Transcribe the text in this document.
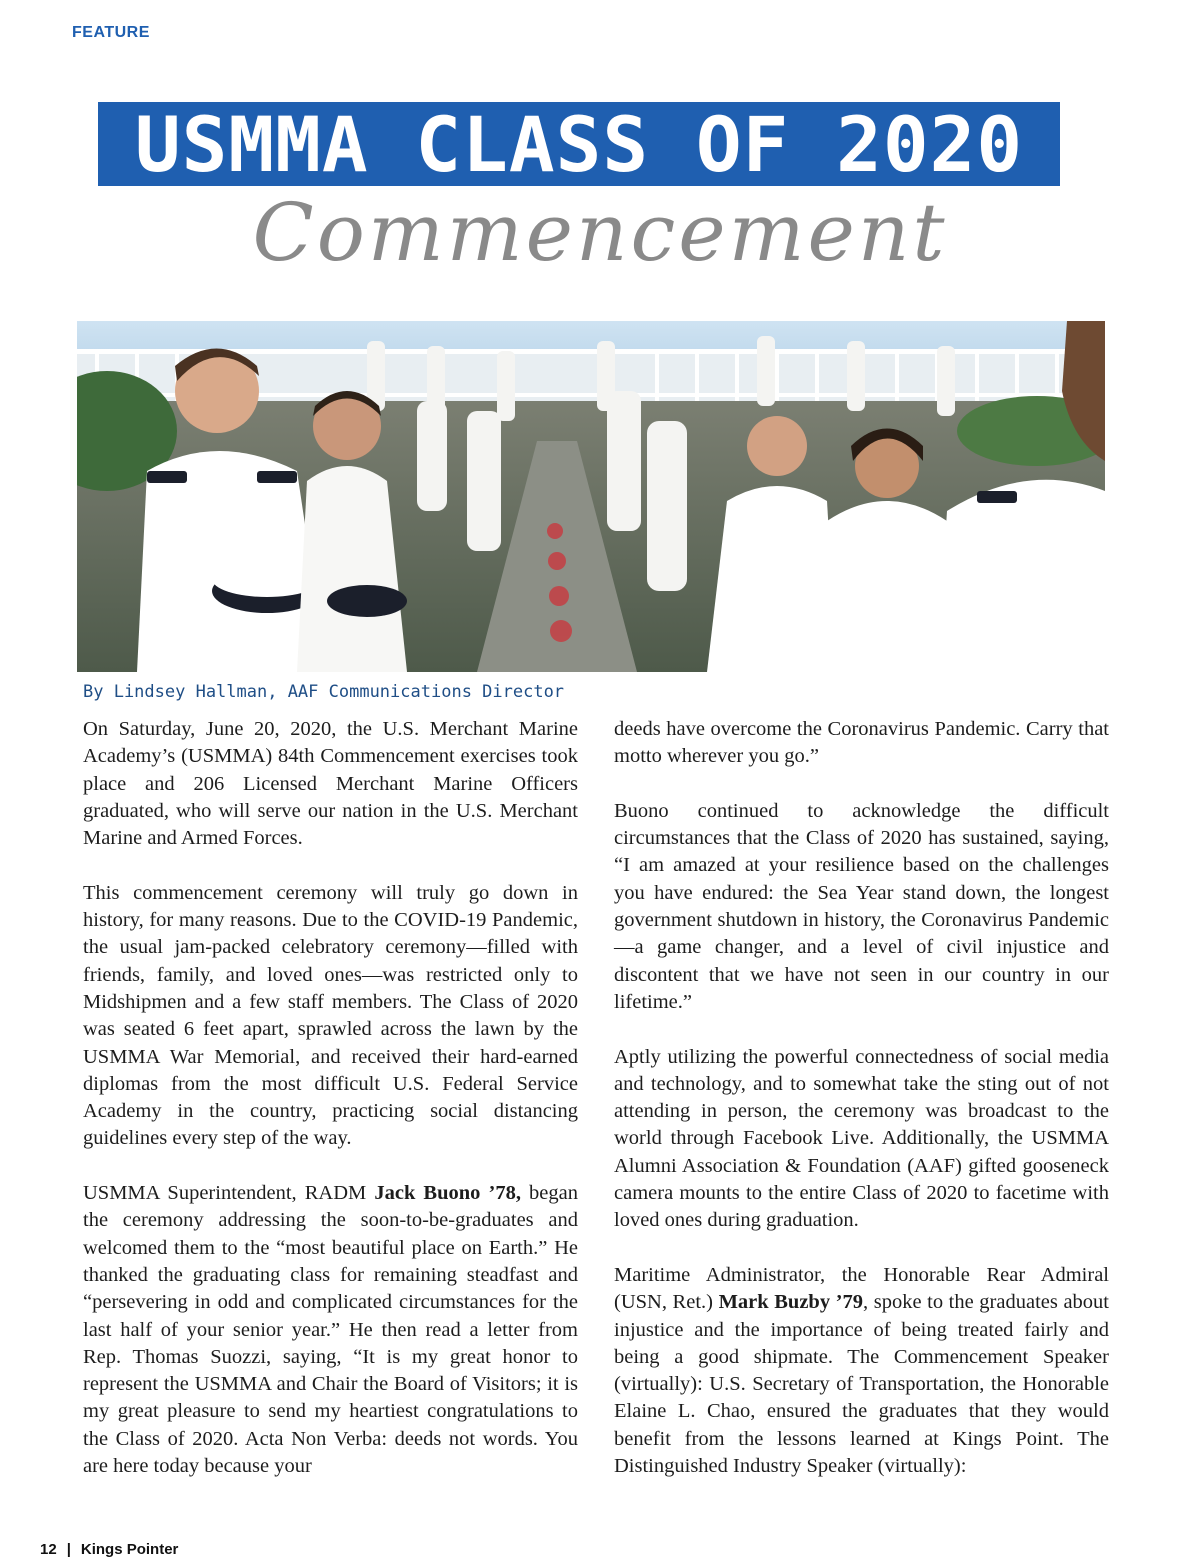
FEATURE
USMMA CLASS OF 2020
Commencement
By Lindsey Hallman, AAF Communications Director

On Saturday, June 20, 2020, the U.S. Merchant Marine Academy’s (USMMA) 84th Commencement exercises took place and 206 Licensed Merchant Marine Officers graduated, who will serve our nation in the U.S. Merchant Marine and Armed Forces.

This commencement ceremony will truly go down in history, for many reasons. Due to the COVID-19 Pandemic, the usual jam-packed celebratory ceremony—filled with friends, family, and loved ones—was restricted only to Midshipmen and a few staff members. The Class of 2020 was seated 6 feet apart, sprawled across the lawn by the USMMA War Memorial, and received their hard-earned diplomas from the most difficult U.S. Federal Service Academy in the country, practicing social distancing guidelines every step of the way.

USMMA Superintendent, RADM Jack Buono ’78, began the ceremony addressing the soon-to-be-graduates and welcomed them to the “most beautiful place on Earth.” He thanked the graduating class for remaining steadfast and “persevering in odd and complicated circumstances for the last half of your senior year.” He then read a letter from Rep. Thomas Suozzi, saying, “It is my great honor to represent the USMMA and Chair the Board of Visitors; it is my great pleasure to send my heartiest congratulations to the Class of 2020. Acta Non Verba: deeds not words. You are here today because your

deeds have overcome the Coronavirus Pandemic. Carry that motto wherever you go.”

Buono continued to acknowledge the difficult circumstances that the Class of 2020 has sustained, saying, “I am amazed at your resilience based on the challenges you have endured: the Sea Year stand down, the longest government shutdown in history, the Coronavirus Pandemic—a game changer, and a level of civil injustice and discontent that we have not seen in our country in our lifetime.”

Aptly utilizing the powerful connectedness of social media and technology, and to somewhat take the sting out of not attending in person, the ceremony was broadcast to the world through Facebook Live. Additionally, the USMMA Alumni Association & Foundation (AAF) gifted gooseneck camera mounts to the entire Class of 2020 to facetime with loved ones during graduation.

Maritime Administrator, the Honorable Rear Admiral (USN, Ret.) Mark Buzby ’79, spoke to the graduates about injustice and the importance of being treated fairly and being a good shipmate. The Commencement Speaker (virtually): U.S. Secretary of Transportation, the Honorable Elaine L. Chao, ensured the graduates that they would benefit from the lessons learned at Kings Point. The Distinguished Industry Speaker (virtually):

12 | Kings Pointer
